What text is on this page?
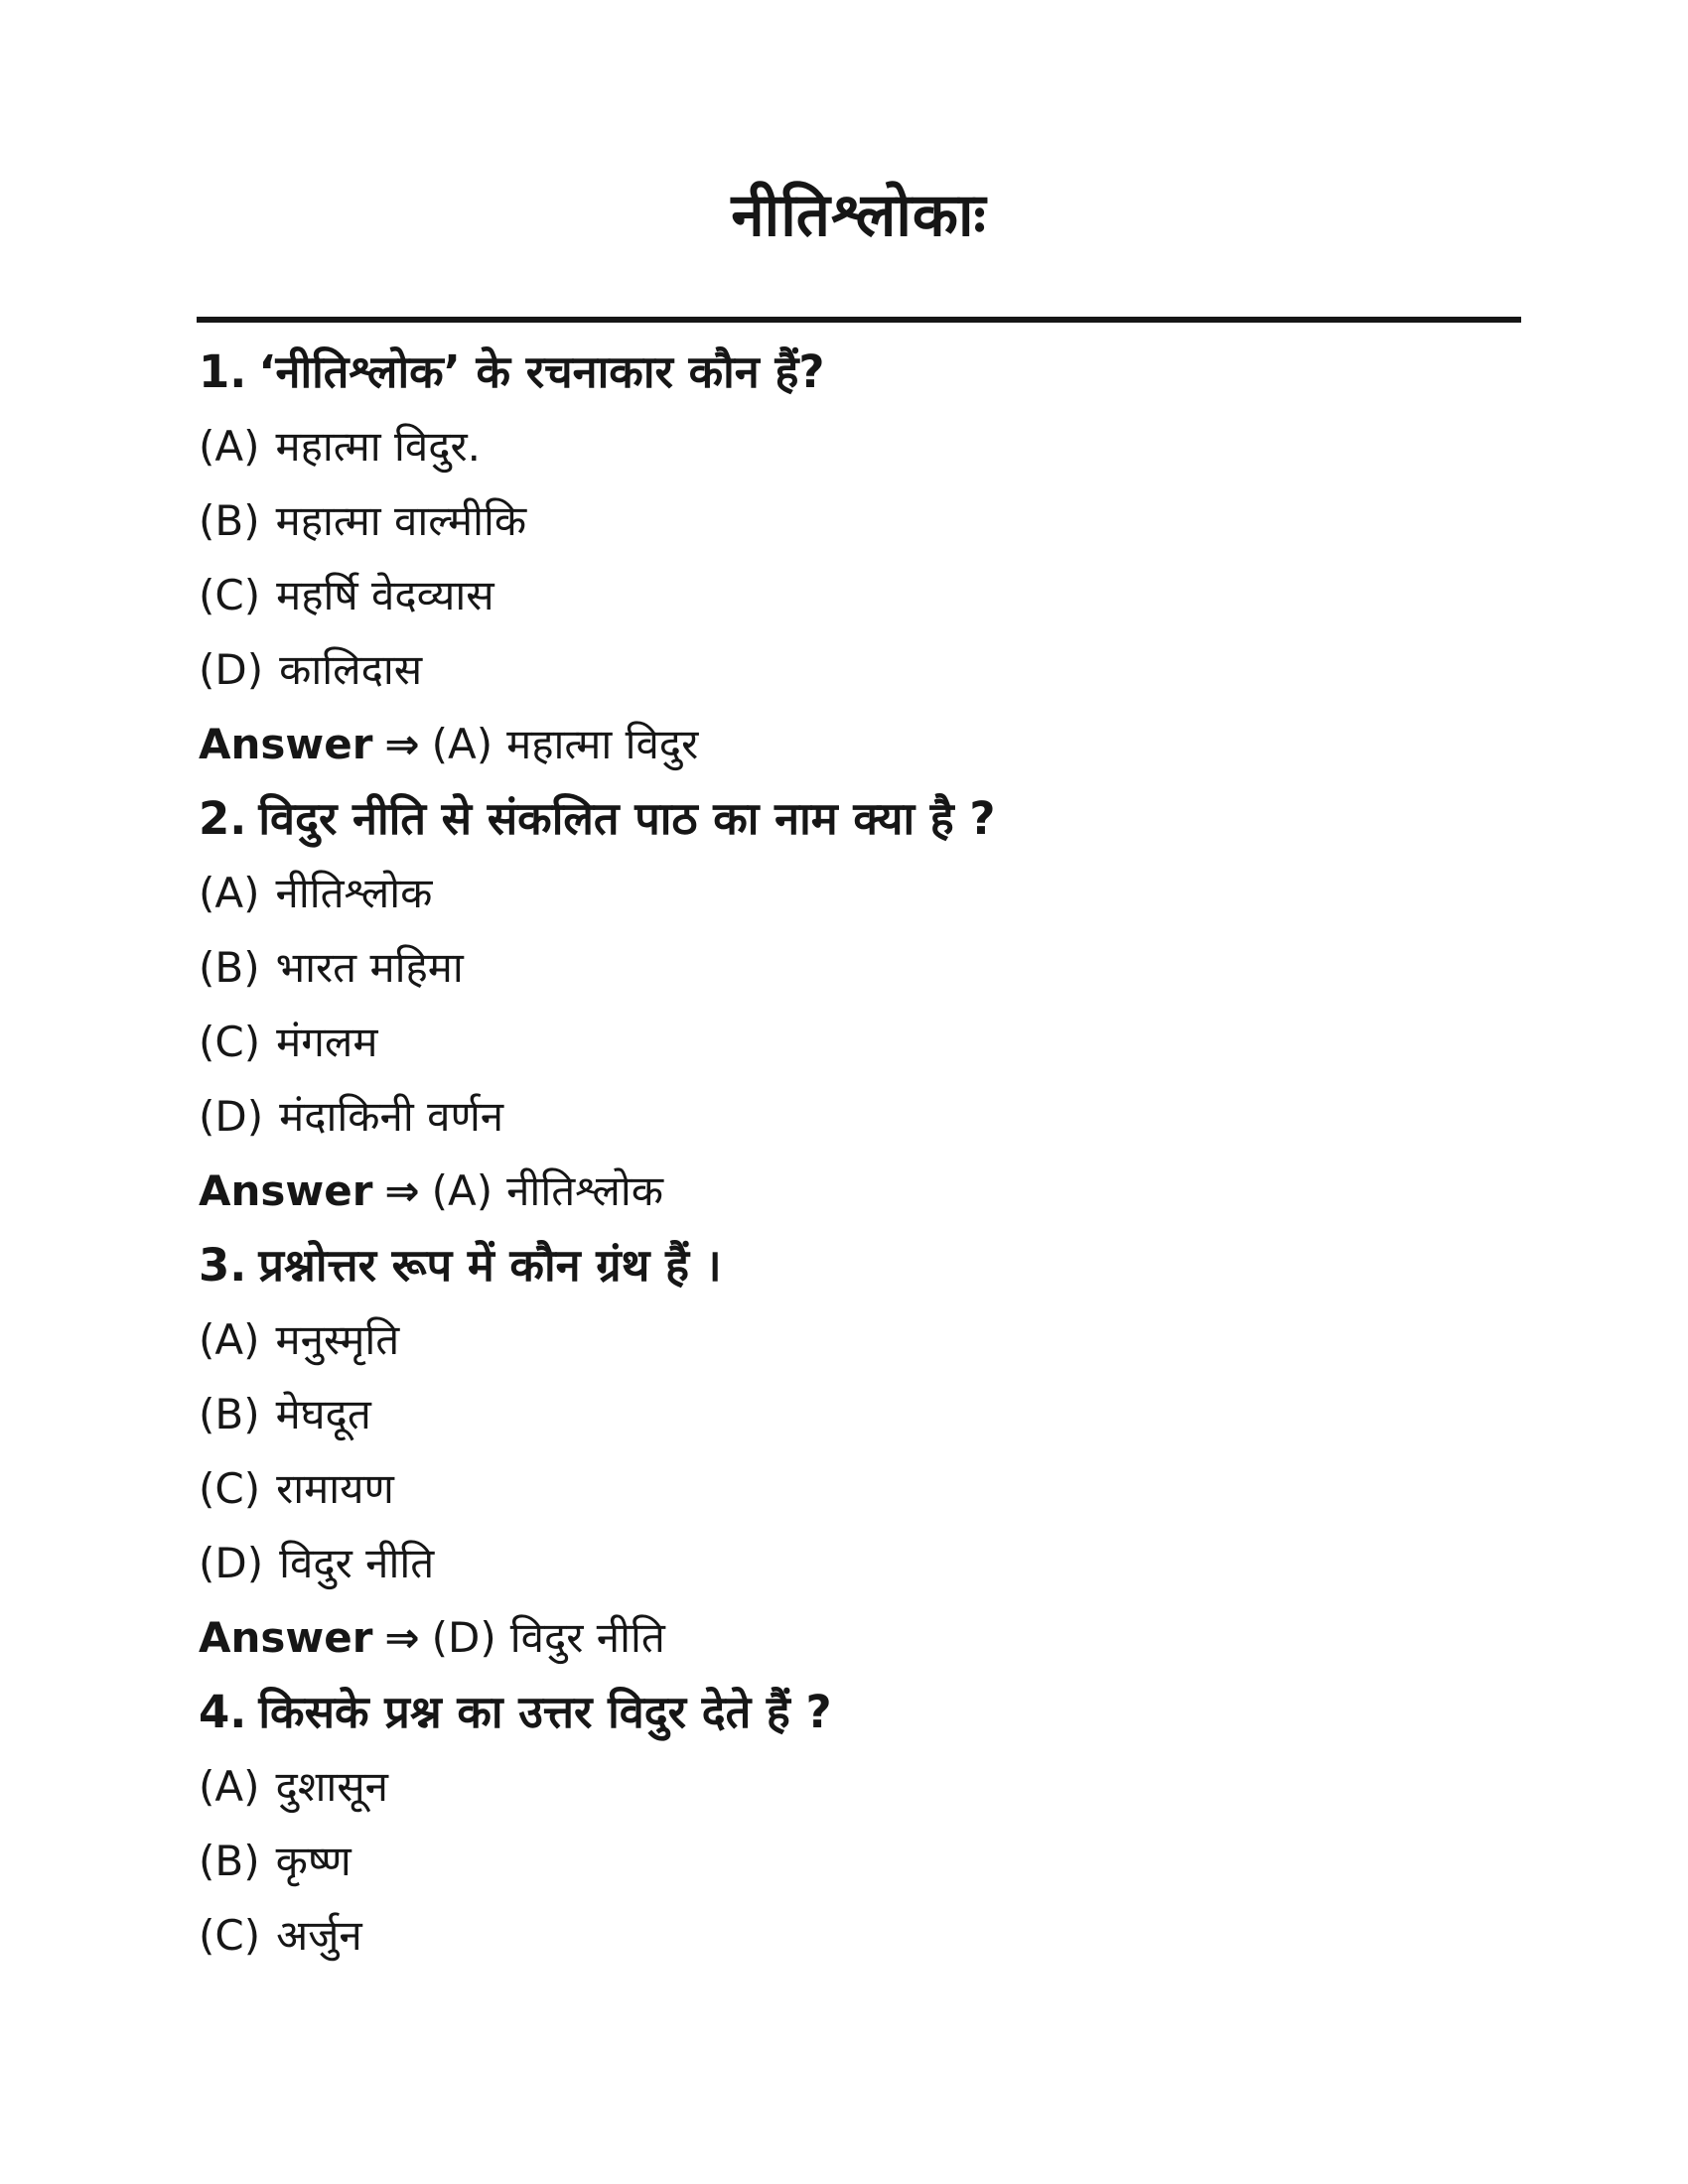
नीतिश्लोकाः

1. ‘नीतिश्लोक’ के रचनाकार कौन हैं?

(A) महात्मा विदुर.

(B) महात्मा वाल्मीकि

(C) महर्षि वेदव्यास

(D) कालिदास

Answer ⇒ (A) महात्मा विदुर

2. विदुर नीति से संकलित पाठ का नाम क्या है ?

(A) नीतिश्लोक

(B) भारत महिमा

(C) मंगलम

(D) मंदाकिनी वर्णन

Answer ⇒ (A) नीतिश्लोक

3. प्रश्नोत्तर रूप में कौन ग्रंथ हैं ।

(A) मनुस्मृति

(B) मेघदूत

(C) रामायण

(D) विदुर नीति

Answer ⇒ (D) विदुर नीति

4. किसके प्रश्न का उत्तर विदुर देते हैं ?

(A) दुशासून

(B) कृष्ण

(C) अर्जुन
